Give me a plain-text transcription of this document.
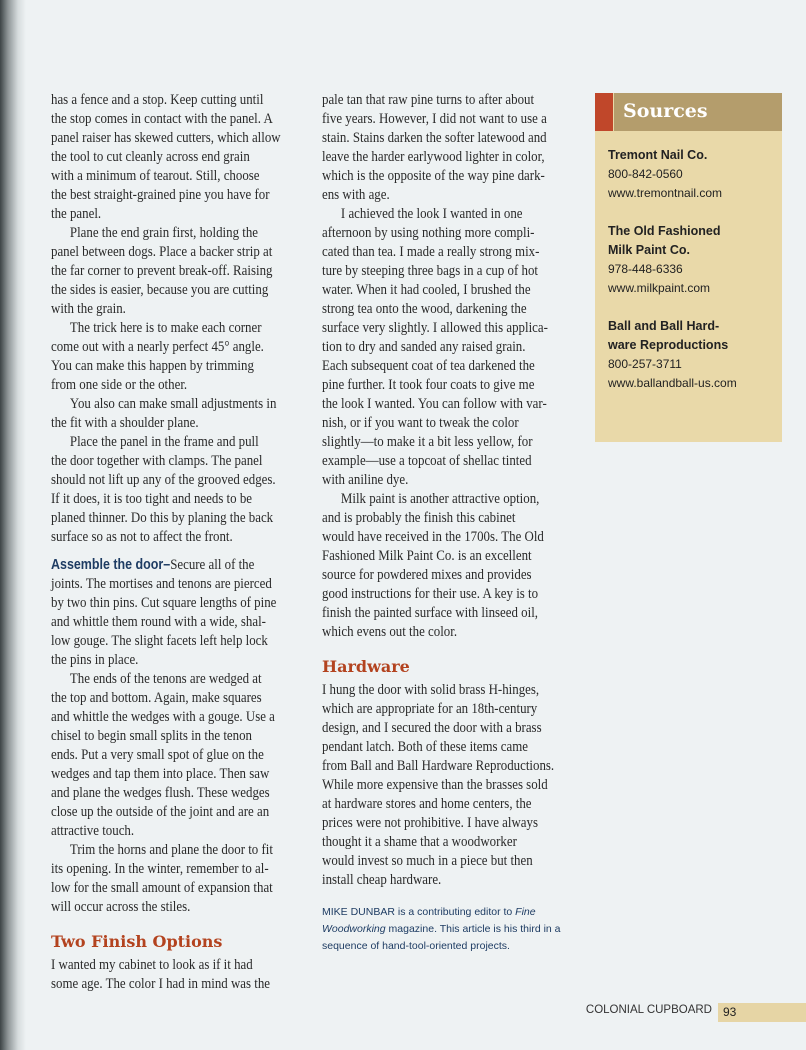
has a fence and a stop. Keep cutting until
the stop comes in contact with the panel. A
panel raiser has skewed cutters, which allow
the tool to cut cleanly across end grain
with a minimum of tearout. Still, choose
the best straight-grained pine you have for
the panel.
Plane the end grain first, holding the
panel between dogs. Place a backer strip at
the far corner to prevent break-off. Raising
the sides is easier, because you are cutting
with the grain.
The trick here is to make each corner
come out with a nearly perfect 45° angle.
You can make this happen by trimming
from one side or the other.
You also can make small adjustments in
the fit with a shoulder plane.
Place the panel in the frame and pull
the door together with clamps. The panel
should not lift up any of the grooved edges.
If it does, it is too tight and needs to be
planed thinner. Do this by planing the back
surface so as not to affect the front.
Assemble the door–Secure all of the
joints. The mortises and tenons are pierced
by two thin pins. Cut square lengths of pine
and whittle them round with a wide, shal-
low gouge. The slight facets left help lock
the pins in place.
The ends of the tenons are wedged at
the top and bottom. Again, make squares
and whittle the wedges with a gouge. Use a
chisel to begin small splits in the tenon
ends. Put a very small spot of glue on the
wedges and tap them into place. Then saw
and plane the wedges flush. These wedges
close up the outside of the joint and are an
attractive touch.
Trim the horns and plane the door to fit
its opening. In the winter, remember to al-
low for the small amount of expansion that
will occur across the stiles.
Two Finish Options
I wanted my cabinet to look as if it had
some age. The color I had in mind was the
pale tan that raw pine turns to after about
five years. However, I did not want to use a
stain. Stains darken the softer latewood and
leave the harder earlywood lighter in color,
which is the opposite of the way pine dark-
ens with age.
I achieved the look I wanted in one
afternoon by using nothing more compli-
cated than tea. I made a really strong mix-
ture by steeping three bags in a cup of hot
water. When it had cooled, I brushed the
strong tea onto the wood, darkening the
surface very slightly. I allowed this applica-
tion to dry and sanded any raised grain.
Each subsequent coat of tea darkened the
pine further. It took four coats to give me
the look I wanted. You can follow with var-
nish, or if you want to tweak the color
slightly—to make it a bit less yellow, for
example—use a topcoat of shellac tinted
with aniline dye.
Milk paint is another attractive option,
and is probably the finish this cabinet
would have received in the 1700s. The Old
Fashioned Milk Paint Co. is an excellent
source for powdered mixes and provides
good instructions for their use. A key is to
finish the painted surface with linseed oil,
which evens out the color.
Hardware
I hung the door with solid brass H-hinges,
which are appropriate for an 18th-century
design, and I secured the door with a brass
pendant latch. Both of these items came
from Ball and Ball Hardware Reproductions.
While more expensive than the brasses sold
at hardware stores and home centers, the
prices were not prohibitive. I have always
thought it a shame that a woodworker
would invest so much in a piece but then
install cheap hardware.
MIKE DUNBAR is a contributing editor to Fine
Woodworking magazine. This article is his third in a
sequence of hand-tool-oriented projects.
Sources
Tremont Nail Co.
800-842-0560
www.tremontnail.com
The Old Fashioned
Milk Paint Co.
978-448-6336
www.milkpaint.com
Ball and Ball Hard-
ware Reproductions
800-257-3711
www.ballandball-us.com
COLONIAL CUPBOARD 93
